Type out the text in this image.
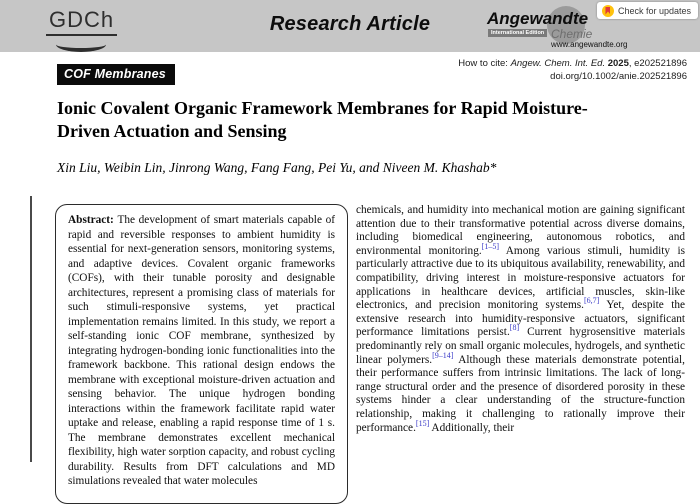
GDCh	Research Article	Angewandte
International Edition Chemie
www.angewandte.org
Check for updates
How to cite: Angew. Chem. Int. Ed. 2025, e202521896
doi.org/10.1002/anie.202521896
COF Membranes
Ionic Covalent Organic Framework Membranes for Rapid Moisture-Driven Actuation and Sensing
Xin Liu, Weibin Lin, Jinrong Wang, Fang Fang, Pei Yu, and Niveen M. Khashab*
Abstract: The development of smart materials capable of rapid and reversible responses to ambient humidity is essential for next-generation sensors, monitoring systems, and adaptive devices. Covalent organic frameworks (COFs), with their tunable porosity and designable architectures, represent a promising class of materials for such stimuli-responsive systems, yet practical implementation remains limited. In this study, we report a self-standing ionic COF membrane, synthesized by integrating hydrogen-bonding ionic functionalities into the framework backbone. This rational design endows the membrane with exceptional moisture-driven actuation and sensing behavior. The unique hydrogen bonding interactions within the framework facilitate rapid water uptake and release, enabling a rapid response time of 1 s. The membrane demonstrates excellent mechanical flexibility, high water sorption capacity, and robust cycling durability. Results from DFT calculations and MD simulations revealed that water molecules
chemicals, and humidity into mechanical motion are gaining significant attention due to their transformative potential across diverse domains, including biomedical engineering, autonomous robotics, and environmental monitoring.[1–5] Among various stimuli, humidity is particularly attractive due to its ubiquitous availability, renewability, and compatibility, driving interest in moisture-responsive actuators for applications in healthcare devices, artificial muscles, skin-like electronics, and precision monitoring systems.[6,7] Yet, despite the extensive research into humidity-responsive actuators, significant performance limitations persist.[8] Current hygrosensitive materials predominantly rely on small organic molecules, hydrogels, and synthetic linear polymers.[9–14] Although these materials demonstrate potential, their performance suffers from intrinsic limitations. The lack of long-range structural order and the presence of disordered porosity in these systems hinder a clear understanding of the structure-function relationship, making it challenging to rationally improve their performance.[15] Additionally, their
